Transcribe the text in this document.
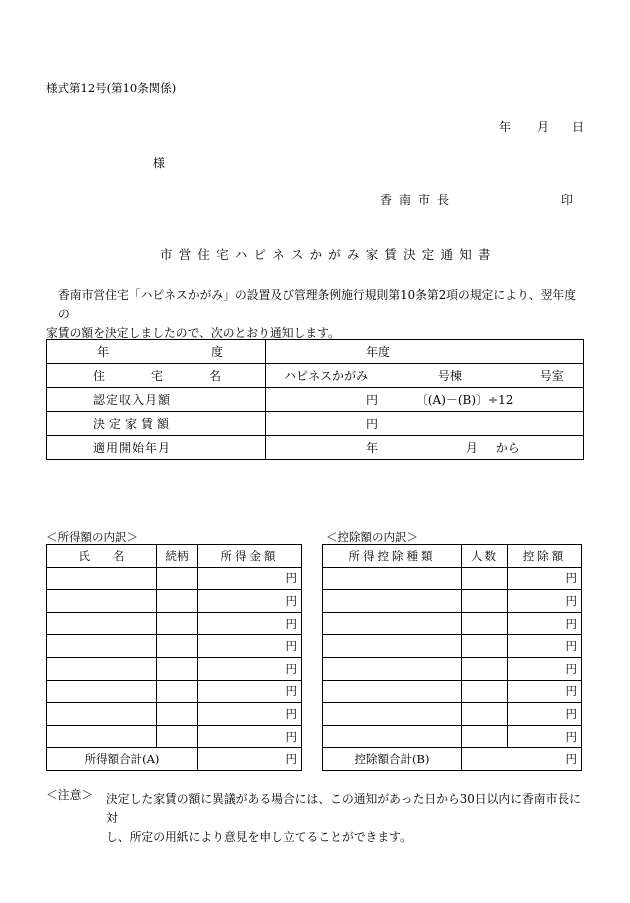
様式第12号(第10条関係)
年 月 日
様
香南市長	印
市営住宅ハピネスかがみ家賃決定通知書

香南市営住宅「ハピネスかがみ」の設置及び管理条例施行規則第10条第2項の規定により、翌年度の

家賃の額を決定しましたので、次のとおり通知します。

年 度	年度

住 宅 名	ハピネスかがみ 号棟 号室
認定収入月額	円 〔(A)－(B)〕÷12
決定家賃額	円
適用開始年月	年 月 から
＜所得額の内訳＞	＜控除額の内訳＞
氏　　名	続柄	所得金額
		円
		円
		円
		円
		円
		円
		円
		円
所得額合計(A)		円
所得控除種類	人数	控除額
		円
		円
		円
		円
		円
		円
		円
		円
控除額合計(B)		円
＜注意＞ 決定した家賃の額に異議がある場合には、この通知があった日から30日以内に香南市長に対

し、所定の用紙により意見を申し立てることができます。
